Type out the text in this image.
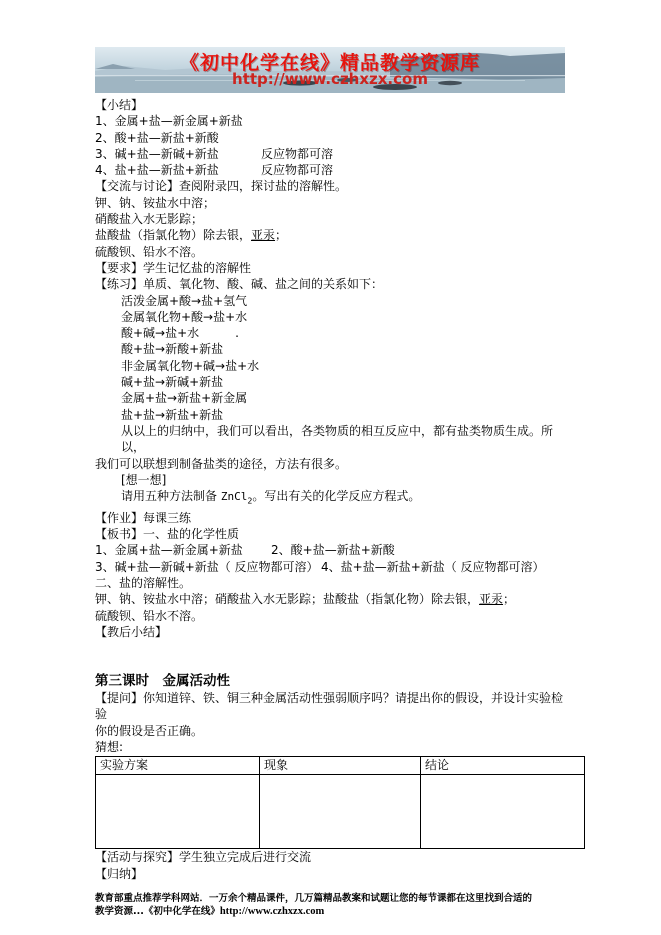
《初中化学在线》精品教学资源库
http://www.czhxzx.com
【小结】
1、金属+盐—新金属+新盐
2、酸+盐—新盐+新酸
3、碱+盐—新碱+新盐	反应物都可溶
4、盐+盐—新盐+新盐	反应物都可溶
【交流与讨论】查阅附录四，探讨盐的溶解性。
钾、钠、铵盐水中溶；
硝酸盐入水无影踪；
盐酸盐（指氯化物）除去银，亚汞；
硫酸钡、铅水不溶。
【要求】学生记忆盐的溶解性
【练习】单质、氧化物、酸、碱、盐之间的关系如下：
活泼金属+酸→盐+氢气
金属氧化物+酸→盐+水
酸+碱→盐+水　　　.
酸+盐→新酸+新盐
非金属氧化物+碱→盐+水
碱+盐→新碱+新盐
金属+盐→新盐+新金属
盐+盐→新盐+新盐
从以上的归纳中，我们可以看出，各类物质的相互反应中，都有盐类物质生成。所以，
我们可以联想到制备盐类的途径，方法有很多。
[想一想]
请用五种方法制备 ZnCl$_2$。写出有关的化学反应方程式。
【作业】每课三练
【板书】一、盐的化学性质
1、金属+盐—新金属+新盐 2、酸+盐—新盐+新酸
3、碱+盐—新碱+新盐（ 反应物都可溶） 4、盐+盐—新盐+新盐（ 反应物都可溶）
二、盐的溶解性。
钾、钠、铵盐水中溶；硝酸盐入水无影踪；盐酸盐（指氯化物）除去银，亚汞；
硫酸钡、铅水不溶。
【教后小结】
第三课时　金属活动性
【提问】你知道锌、铁、铜三种金属活动性强弱顺序吗？请提出你的假设，并设计实验检验
你的假设是否正确。
猜想:
实验方案	现象	结论

【活动与探究】学生独立完成后进行交流
【归纳】
教育部重点推荐学科网站．一万余个精品课件，几万篇精品教案和试题让您的每节课都在这里找到合适的
教学资源...《初中化学在线》http://www.czhxzx.com
